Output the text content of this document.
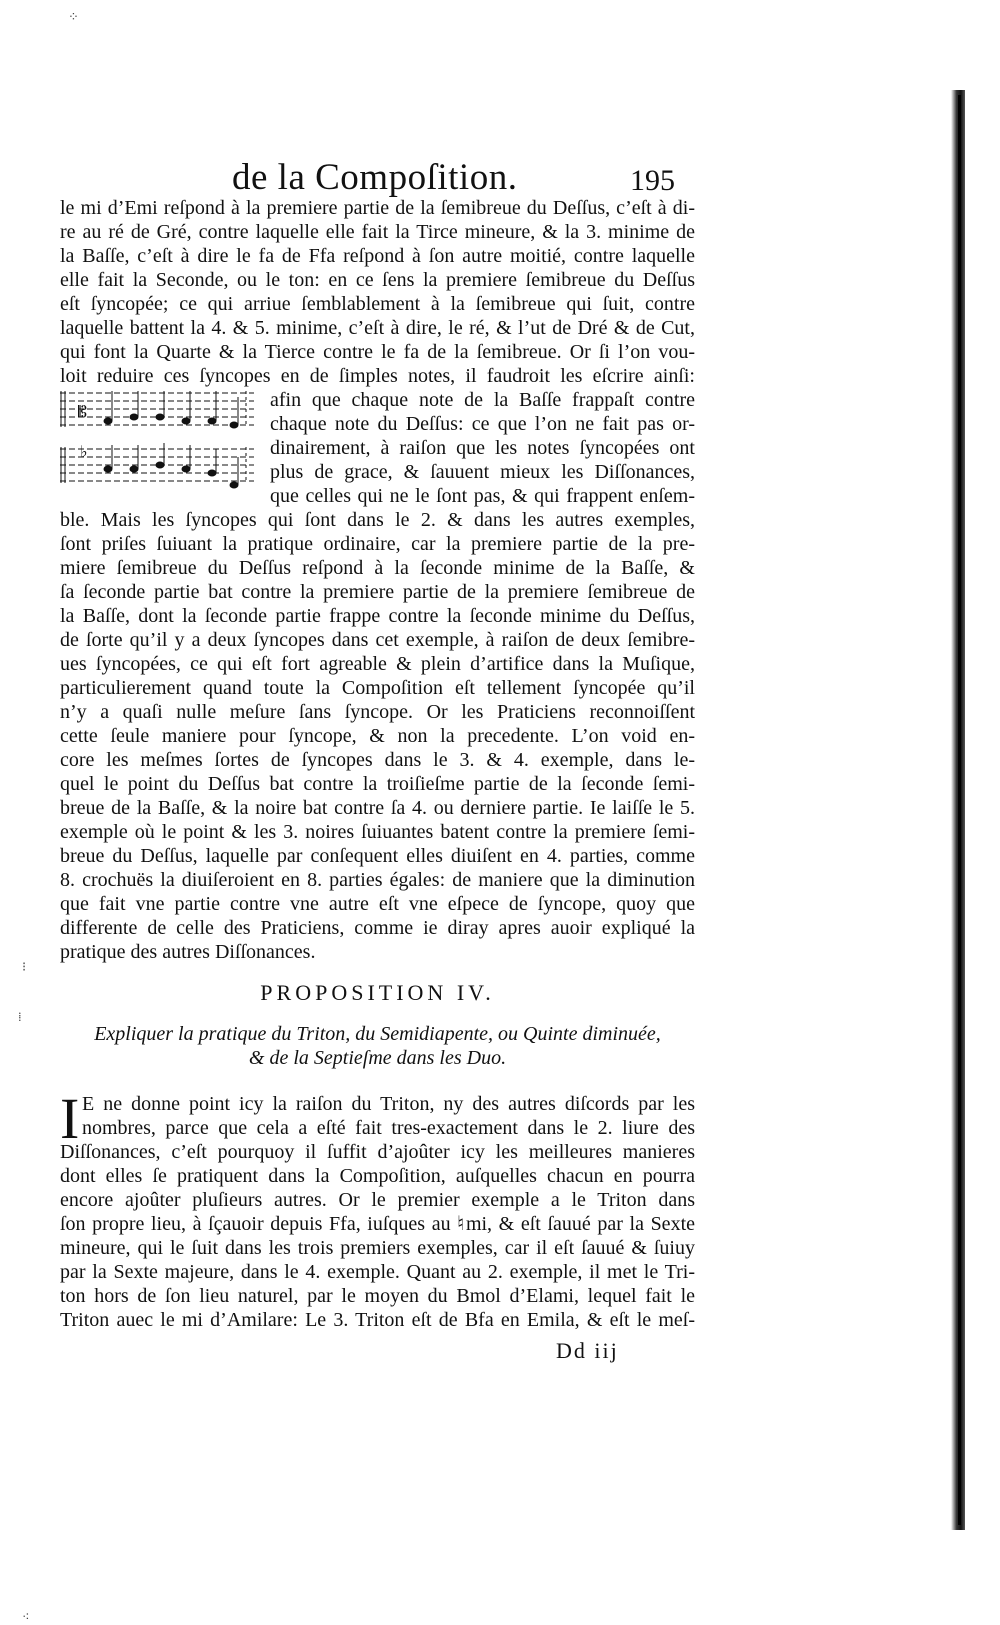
⁘
⁝
⁞
⁖
de la Compoſition.	195
le mi d’Emi reſpond à la premiere partie de la ſemibreue du Deſſus, c’eſt à di-
re au ré de Gré, contre laquelle elle fait la Tirce mineure, & la 3. minime de
la Baſſe, c’eſt à dire le fa de Ffa reſpond à ſon autre moitié, contre laquelle
elle fait la Seconde, ou le ton: en ce ſens la premiere ſemibreue du Deſſus
eſt ſyncopée; ce qui arriue ſemblablement à la ſemibreue qui ſuit, contre
laquelle battent la 4. & 5. minime, c’eſt à dire, le ré, & l’ut de Dré & de Cut,
qui font la Quarte & la Tierce contre le fa de la ſemibreue. Or ſi l’on vou-
loit reduire ces ſyncopes en de ſimples notes, il faudroit les eſcrire ainſi:
𝄡
♭
afin que chaque note de la Baſſe frappaſt contre
chaque note du Deſſus: ce que l’on ne fait pas or-
dinairement, à raiſon que les notes ſyncopées ont
plus de grace, & ſauuent mieux les Diſſonances,
que celles qui ne le ſont pas, & qui frappent enſem-
ble. Mais les ſyncopes qui ſont dans le 2. & dans les autres exemples,
ſont priſes ſuiuant la pratique ordinaire, car la premiere partie de la pre-
miere ſemibreue du Deſſus reſpond à la ſeconde minime de la Baſſe, &
ſa ſeconde partie bat contre la premiere partie de la premiere ſemibreue de
la Baſſe, dont la ſeconde partie frappe contre la ſeconde minime du Deſſus,
de ſorte qu’il y a deux ſyncopes dans cet exemple, à raiſon de deux ſemibre-
ues ſyncopées, ce qui eſt fort agreable & plein d’artifice dans la Muſique,
particulierement quand toute la Compoſition eſt tellement ſyncopée qu’il
n’y a quaſi nulle meſure ſans ſyncope. Or les Praticiens reconnoiſſent
cette ſeule maniere pour ſyncope, & non la precedente. L’on void en-
core les meſmes ſortes de ſyncopes dans le 3. & 4. exemple, dans le-
quel le point du Deſſus bat contre la troiſieſme partie de la ſeconde ſemi-
breue de la Baſſe, & la noire bat contre ſa 4. ou derniere partie. Ie laiſſe le 5.
exemple où le point & les 3. noires ſuiuantes batent contre la premiere ſemi-
breue du Deſſus, laquelle par conſequent elles diuiſent en 4. parties, comme
8. crochuës la diuiſeroient en 8. parties égales: de maniere que la diminution
que fait vne partie contre vne autre eſt vne eſpece de ſyncope, quoy que
differente de celle des Praticiens, comme ie diray apres auoir expliqué la
pratique des autres Diſſonances.
PROPOSITION IV.
Expliquer la pratique du Triton, du Semidiapente, ou Quinte diminuée,
& de la Septieſme dans les Duo.
I E ne donne point icy la raiſon du Triton, ny des autres diſcords par les
nombres, parce que cela a eſté fait tres-exactement dans le 2. liure des
Diſſonances, c’eſt pourquoy il ſuffit d’ajoûter icy les meilleures manieres
dont elles ſe pratiquent dans la Compoſition, auſquelles chacun en pourra
encore ajoûter pluſieurs autres. Or le premier exemple a le Triton dans
ſon propre lieu, à ſçauoir depuis Ffa, iuſques au ♮mi, & eſt ſauué par la Sexte
mineure, qui le ſuit dans les trois premiers exemples, car il eſt ſauué & ſuiuy
par la Sexte majeure, dans le 4. exemple. Quant au 2. exemple, il met le Tri-
ton hors de ſon lieu naturel, par le moyen du Bmol d’Elami, lequel fait le
Triton auec le mi d’Amilare: Le 3. Triton eſt de Bfa en Emila, & eſt le meſ-
Dd iij
